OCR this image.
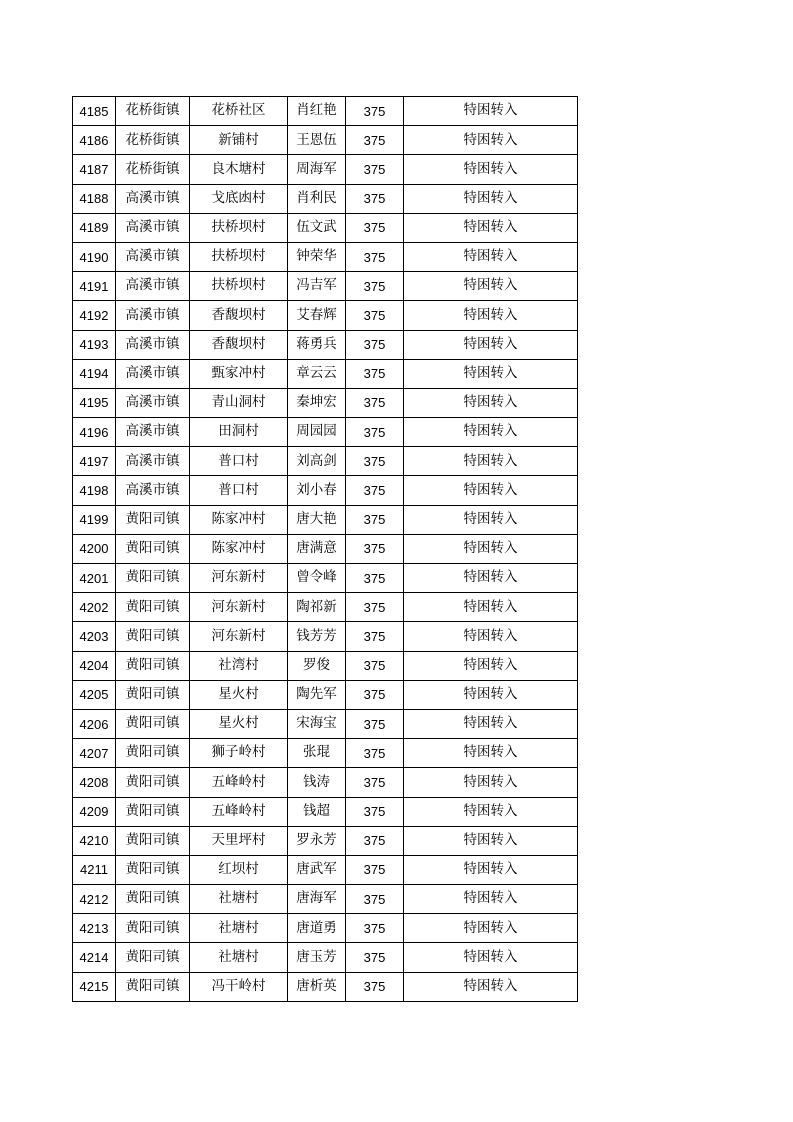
4185	花桥街镇	花桥社区	肖红艳	375	特困转入
4186	花桥街镇	新铺村	王恩伍	375	特困转入
4187	花桥街镇	良木塘村	周海军	375	特困转入
4188	高溪市镇	戈底凼村	肖利民	375	特困转入
4189	高溪市镇	扶桥坝村	伍文武	375	特困转入
4190	高溪市镇	扶桥坝村	钟荣华	375	特困转入
4191	高溪市镇	扶桥坝村	冯吉军	375	特困转入
4192	高溪市镇	香馥坝村	艾春辉	375	特困转入
4193	高溪市镇	香馥坝村	蒋勇兵	375	特困转入
4194	高溪市镇	甄家冲村	章云云	375	特困转入
4195	高溪市镇	青山洞村	秦坤宏	375	特困转入
4196	高溪市镇	田洞村	周园园	375	特困转入
4197	高溪市镇	普口村	刘高剑	375	特困转入
4198	高溪市镇	普口村	刘小春	375	特困转入
4199	黄阳司镇	陈家冲村	唐大艳	375	特困转入
4200	黄阳司镇	陈家冲村	唐满意	375	特困转入
4201	黄阳司镇	河东新村	曾令峰	375	特困转入
4202	黄阳司镇	河东新村	陶祁新	375	特困转入
4203	黄阳司镇	河东新村	钱芳芳	375	特困转入
4204	黄阳司镇	社湾村	罗俊	375	特困转入
4205	黄阳司镇	星火村	陶先军	375	特困转入
4206	黄阳司镇	星火村	宋海宝	375	特困转入
4207	黄阳司镇	狮子岭村	张琨	375	特困转入
4208	黄阳司镇	五峰岭村	钱涛	375	特困转入
4209	黄阳司镇	五峰岭村	钱超	375	特困转入
4210	黄阳司镇	天里坪村	罗永芳	375	特困转入
4211	黄阳司镇	红坝村	唐武军	375	特困转入
4212	黄阳司镇	社塘村	唐海军	375	特困转入
4213	黄阳司镇	社塘村	唐道勇	375	特困转入
4214	黄阳司镇	社塘村	唐玉芳	375	特困转入
4215	黄阳司镇	冯干岭村	唐析英	375	特困转入
